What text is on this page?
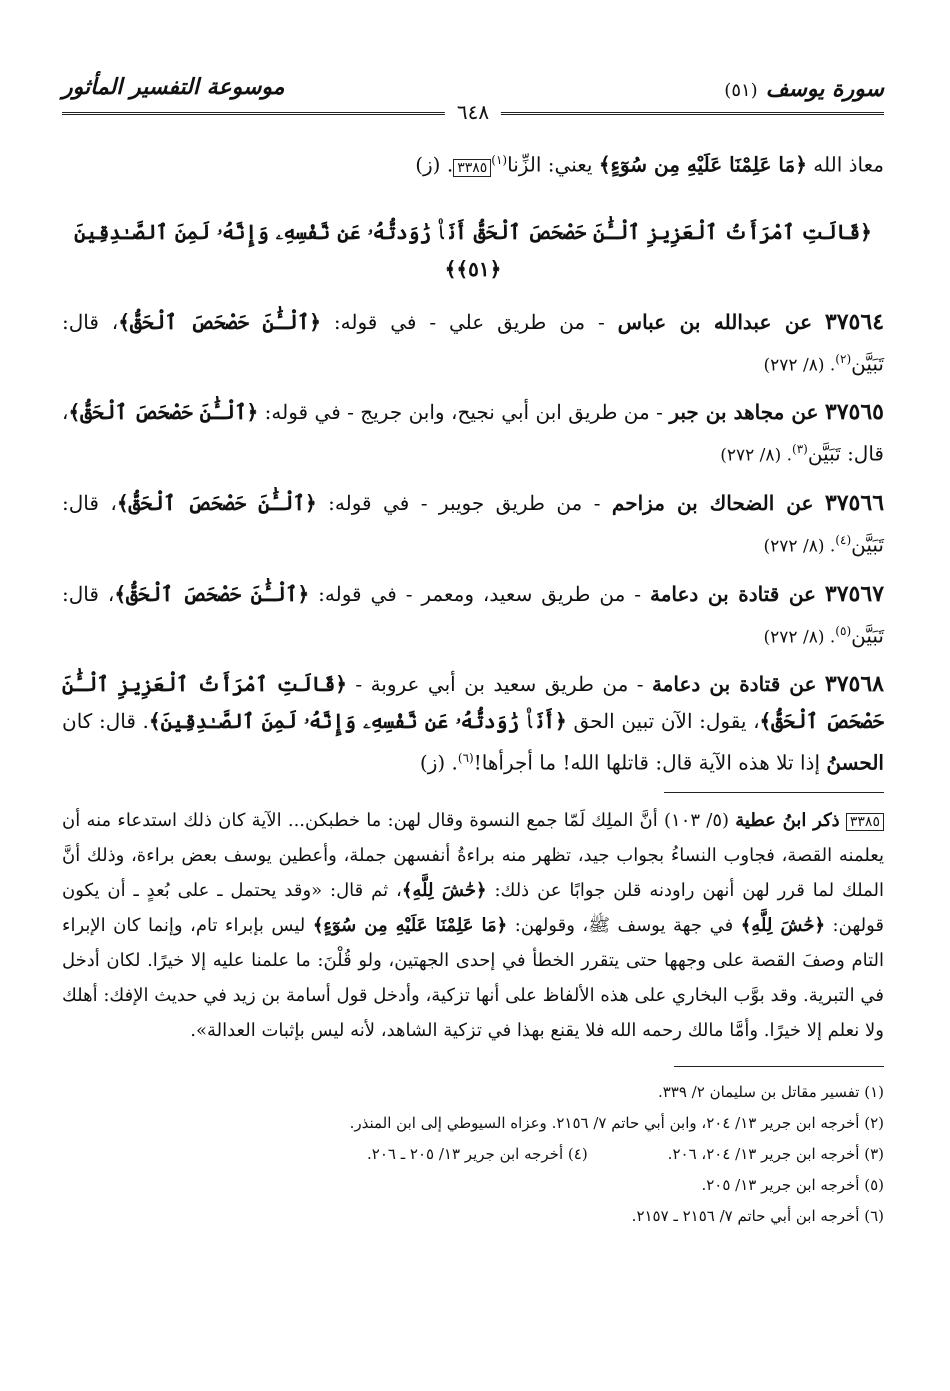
سورة يوسف(٥١)
٦٤٨
موسوعة التفسير المأثور

معاذ الله ﴿مَا عَلِمْنَا عَلَيْهِ مِن سُوٓءٍ﴾ يعني: الزِّنا$^{(١)}$٣٣٨٥. (ز)

﴿قَالَتِ ٱمْرَأَتُ ٱلْعَزِيزِ ٱلْـَٰٔنَ حَصْحَصَ ٱلْحَقُّ أَنَا۠ رَٰوَدتُّهُۥ عَن نَّفْسِهِۦ وَإِنَّهُۥ لَمِنَ ٱلصَّـٰدِقِينَ ﴿٥١﴾﴾

٣٧٥٦٤ عن عبدالله بن عباس - من طريق علي - في قوله: ﴿ٱلْـَٰٔنَ حَصْحَصَ ٱلْحَقُّ﴾، قال: تَبَيَّن$^{(٢)}$. (٨/ ٢٧٢)

٣٧٥٦٥ عن مجاهد بن جبر - من طريق ابن أبي نجيح، وابن جريج - في قوله: ﴿ٱلْـَٰٔنَ حَصْحَصَ ٱلْحَقُّ﴾، قال: تَبَيَّن$^{(٣)}$. (٨/ ٢٧٢)

٣٧٥٦٦ عن الضحاك بن مزاحم - من طريق جويبر - في قوله: ﴿ٱلْـَٰٔنَ حَصْحَصَ ٱلْحَقُّ﴾، قال: تَبَيَّن$^{(٤)}$. (٨/ ٢٧٢)

٣٧٥٦٧ عن قتادة بن دعامة - من طريق سعيد، ومعمر - في قوله: ﴿ٱلْـَٰٔنَ حَصْحَصَ ٱلْحَقُّ﴾، قال: تَبَيَّن$^{(٥)}$. (٨/ ٢٧٢)

٣٧٥٦٨ عن قتادة بن دعامة - من طريق سعيد بن أبي عروبة - ﴿قَالَتِ ٱمْرَأَتُ ٱلْعَزِيزِ ٱلْـَٰٔنَ حَصْحَصَ ٱلْحَقُّ﴾، يقول: الآن تبين الحق ﴿أَنَا۠ رَٰوَدتُّهُۥ عَن نَّفْسِهِۦ وَإِنَّهُۥ لَمِنَ ٱلصَّـٰدِقِينَ﴾. قال: كان الحسنُ إذا تلا هذه الآية قال: قاتلها الله! ما أجرأها!$^{(٦)}$. (ز)

٣٣٨٥ ذكر ابنُ عطية (٥/ ١٠٣) أنَّ الملِك لَمّا جمع النسوة وقال لهن: ما خطبكن... الآية كان ذلك استدعاء منه أن يعلمنه القصة، فجاوب النساءُ بجواب جيد، تظهر منه براءةُ أنفسهن جملة، وأعطين يوسف بعض براءة، وذلك أنَّ الملك لما قرر لهن أنهن راودنه قلن جوابًا عن ذلك: ﴿حَٰشَ لِلَّهِ﴾، ثم قال: «وقد يحتمل ـ على بُعدٍ ـ أن يكون قولهن: ﴿حَٰشَ لِلَّهِ﴾ في جهة يوسف ﷺ، وقولهن: ﴿مَا عَلِمْنَا عَلَيْهِ مِن سُوٓءٍ﴾ ليس بإبراء تام، وإنما كان الإبراء التام وصفَ القصة على وجهها حتى يتقرر الخطأ في إحدى الجهتين، ولو قُلْنَ: ما علمنا عليه إلا خيرًا. لكان أدخل في التبرية. وقد بوَّب البخاري على هذه الألفاظ على أنها تزكية، وأدخل قول أسامة بن زيد في حديث الإفك: أهلك ولا نعلم إلا خيرًا. وأمَّا مالك رحمه الله فلا يقنع بهذا في تزكية الشاهد، لأنه ليس بإثبات العدالة».

(١) تفسير مقاتل بن سليمان ٢/ ٣٣٩.
(٢) أخرجه ابن جرير ١٣/ ٢٠٤، وابن أبي حاتم ٧/ ٢١٥٦. وعزاه السيوطي إلى ابن المنذر.
(٣) أخرجه ابن جرير ١٣/ ٢٠٤، ٢٠٦.
(٤) أخرجه ابن جرير ١٣/ ٢٠٥ ـ ٢٠٦.
(٥) أخرجه ابن جرير ١٣/ ٢٠٥.
(٦) أخرجه ابن أبي حاتم ٧/ ٢١٥٦ ـ ٢١٥٧.
